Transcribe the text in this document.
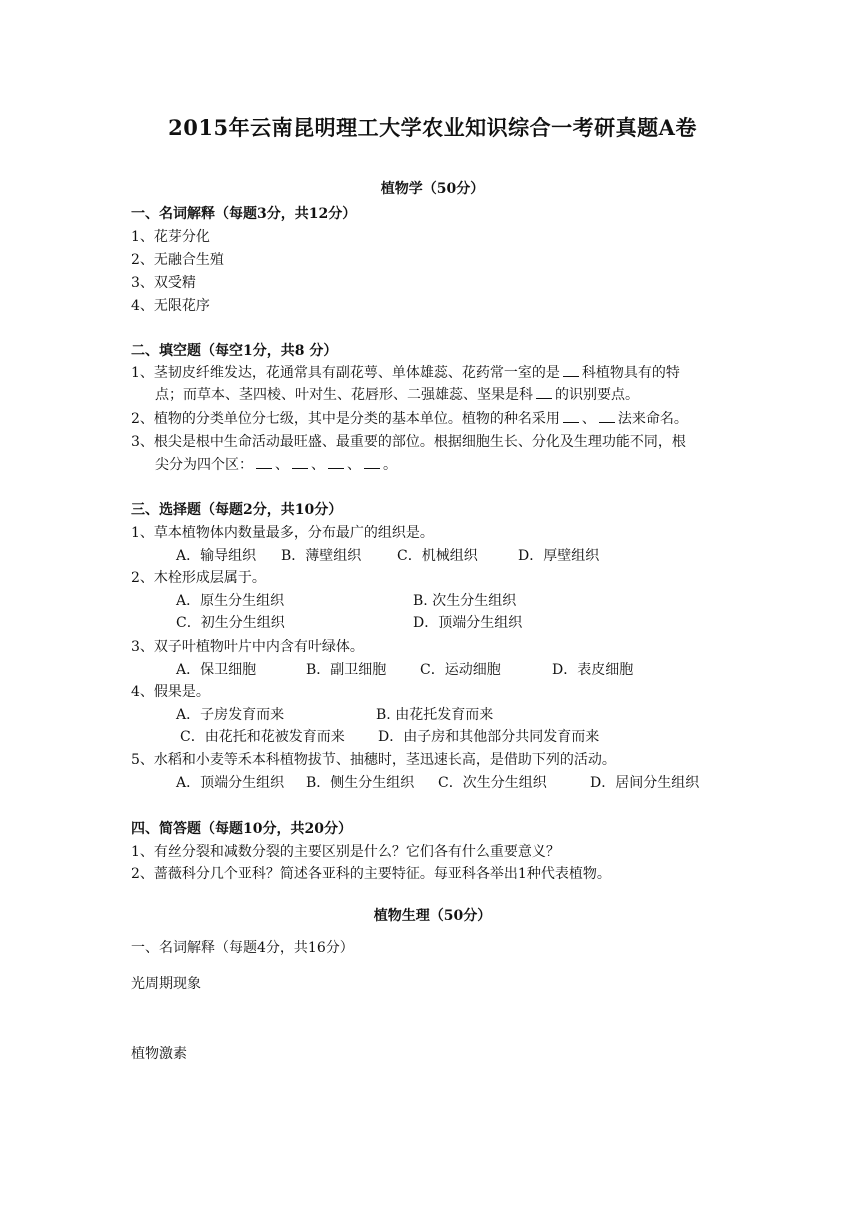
2015年云南昆明理工大学农业知识综合一考研真题A卷
植物学（50分）
一、名词解释（每题3分，共12分）
1、花芽分化
2、无融合生殖
3、双受精
4、无限花序
二、填空题（每空1分，共8 分）
1、茎韧皮纤维发达，花通常具有副花萼、单体雄蕊、花药常一室的是 科植物具有的特
点；而草本、茎四棱、叶对生、花唇形、二强雄蕊、坚果是科 的识别要点。
2、植物的分类单位分七级，其中是分类的基本单位。植物的种名采用 、 法来命名。
3、根尖是根中生命活动最旺盛、最重要的部位。根据细胞生长、分化及生理功能不同，根
尖分为四个区： 、 、 、 。
三、选择题（每题2分，共10分）
1、草本植物体内数量最多，分布最广的组织是。
A．输导组织 B．薄壁组织	C．机械组织	D．厚壁组织
2、木栓形成层属于。
A．原生分生组织	B. 次生分生组织
C．初生分生组织	D．顶端分生组织
3、双子叶植物叶片中内含有叶绿体。
A．保卫细胞	B．副卫细胞 C．运动细胞	D．表皮细胞
4、假果是。
A．子房发育而来	B. 由花托发育而来
C．由花托和花被发育而来 D．由子房和其他部分共同发育而来
5、水稻和小麦等禾本科植物拔节、抽穗时，茎迅速长高，是借助下列的活动。
A．顶端分生组织 B．侧生分生组织 C．次生分生组织	D．居间分生组织
四、简答题（每题10分，共20分）
1、有丝分裂和减数分裂的主要区别是什么？它们各有什么重要意义？
2、蔷薇科分几个亚科？简述各亚科的主要特征。每亚科各举出1种代表植物。
植物生理（50分）
一、名词解释（每题4分，共16分）
光周期现象
植物激素
